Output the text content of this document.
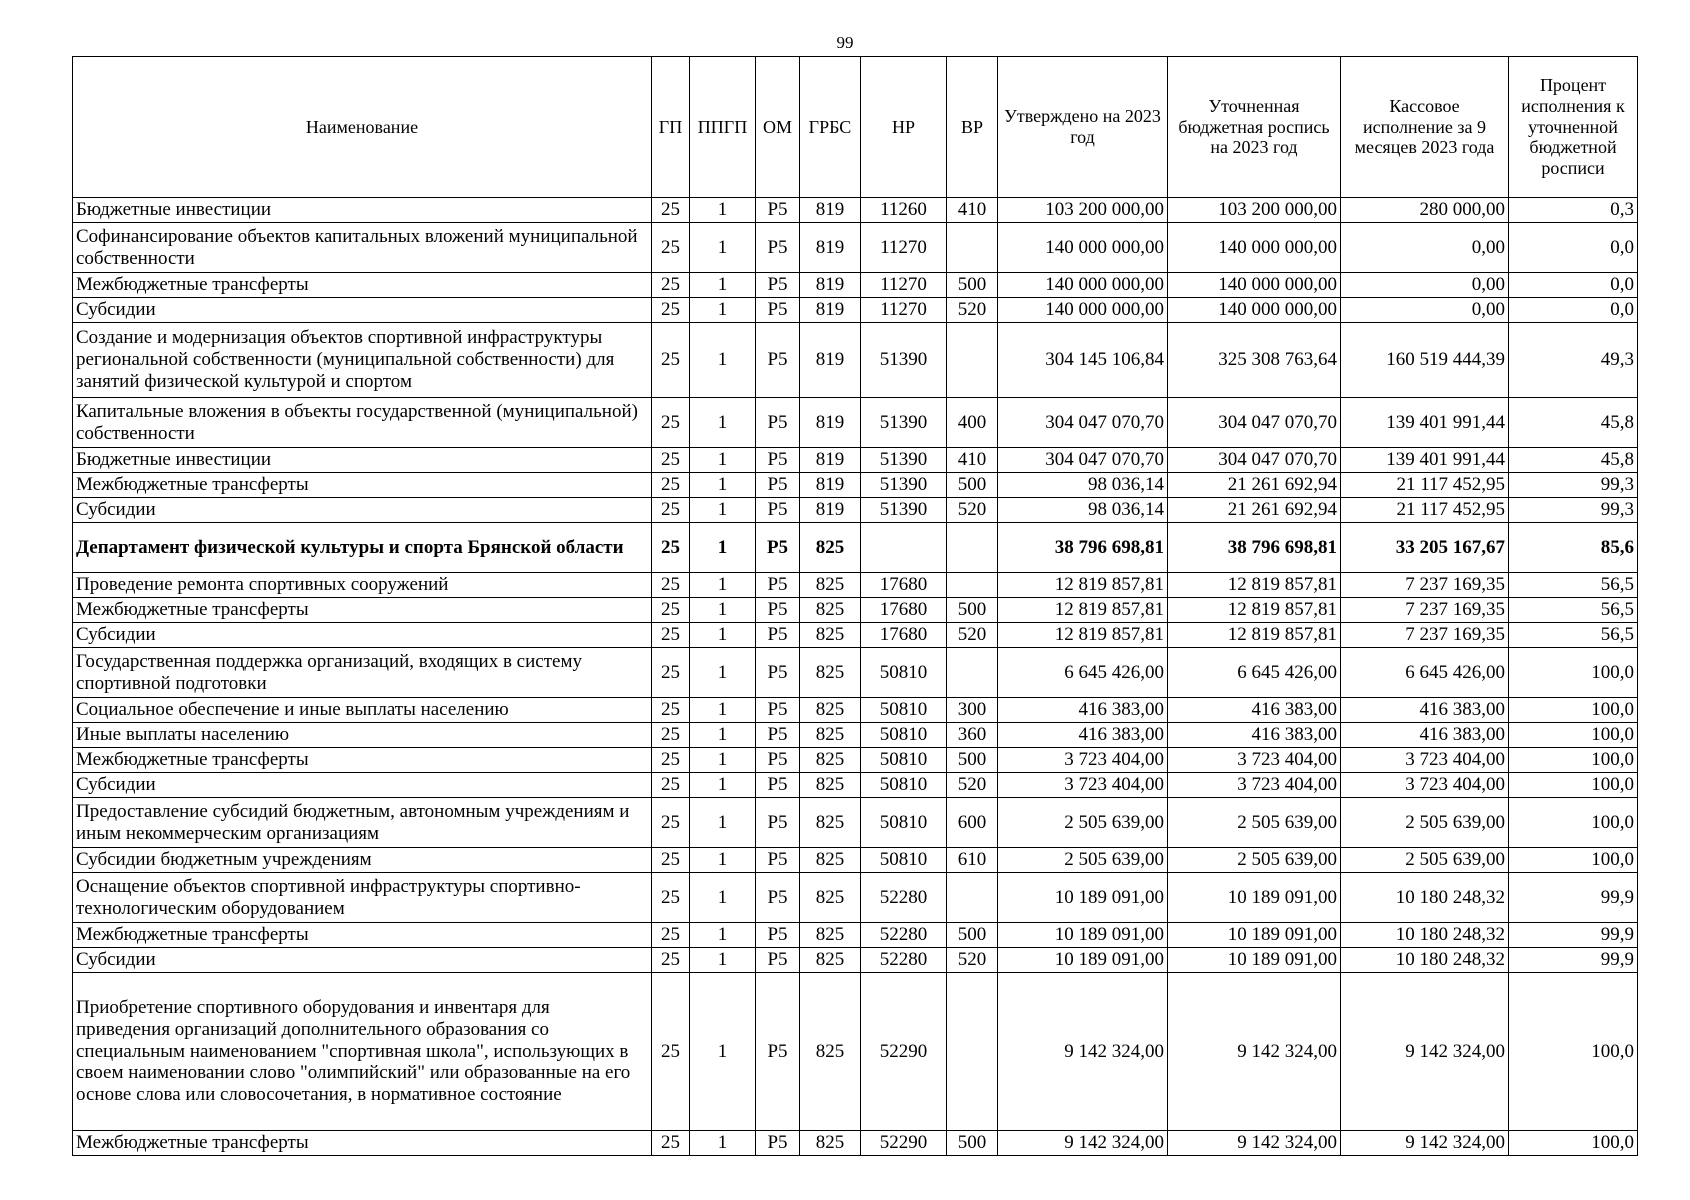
99
Наименование	ГП	ППГП	ОМ	ГРБС	НР	ВР	Утверждено на 2023 год	Уточненная бюджетная роспись на 2023 год	Кассовое исполнение за 9 месяцев 2023 года	Процент исполнения к уточненной бюджетной росписи
Бюджетные инвестиции	25	1	Р5	819	11260	410	103 200 000,00	103 200 000,00	280 000,00	0,3
Софинансирование объектов капитальных вложений муниципальной собственности	25	1	Р5	819	11270		140 000 000,00	140 000 000,00	0,00	0,0
Межбюджетные трансферты	25	1	Р5	819	11270	500	140 000 000,00	140 000 000,00	0,00	0,0
Субсидии	25	1	Р5	819	11270	520	140 000 000,00	140 000 000,00	0,00	0,0
Создание и модернизация объектов спортивной инфраструктуры региональной собственности (муниципальной собственности) для занятий физической культурой и спортом	25	1	Р5	819	51390		304 145 106,84	325 308 763,64	160 519 444,39	49,3
Капитальные вложения в объекты государственной (муниципальной) собственности	25	1	Р5	819	51390	400	304 047 070,70	304 047 070,70	139 401 991,44	45,8
Бюджетные инвестиции	25	1	Р5	819	51390	410	304 047 070,70	304 047 070,70	139 401 991,44	45,8
Межбюджетные трансферты	25	1	Р5	819	51390	500	98 036,14	21 261 692,94	21 117 452,95	99,3
Субсидии	25	1	Р5	819	51390	520	98 036,14	21 261 692,94	21 117 452,95	99,3
Департамент физической культуры и спорта Брянской области	25	1	Р5	825			38 796 698,81	38 796 698,81	33 205 167,67	85,6
Проведение ремонта спортивных сооружений	25	1	Р5	825	17680		12 819 857,81	12 819 857,81	7 237 169,35	56,5
Межбюджетные трансферты	25	1	Р5	825	17680	500	12 819 857,81	12 819 857,81	7 237 169,35	56,5
Субсидии	25	1	Р5	825	17680	520	12 819 857,81	12 819 857,81	7 237 169,35	56,5
Государственная поддержка организаций, входящих в систему спортивной подготовки	25	1	Р5	825	50810		6 645 426,00	6 645 426,00	6 645 426,00	100,0
Социальное обеспечение и иные выплаты населению	25	1	Р5	825	50810	300	416 383,00	416 383,00	416 383,00	100,0
Иные выплаты населению	25	1	Р5	825	50810	360	416 383,00	416 383,00	416 383,00	100,0
Межбюджетные трансферты	25	1	Р5	825	50810	500	3 723 404,00	3 723 404,00	3 723 404,00	100,0
Субсидии	25	1	Р5	825	50810	520	3 723 404,00	3 723 404,00	3 723 404,00	100,0
Предоставление субсидий бюджетным, автономным учреждениям и иным некоммерческим организациям	25	1	Р5	825	50810	600	2 505 639,00	2 505 639,00	2 505 639,00	100,0
Субсидии бюджетным учреждениям	25	1	Р5	825	50810	610	2 505 639,00	2 505 639,00	2 505 639,00	100,0
Оснащение объектов спортивной инфраструктуры спортивно-технологическим оборудованием	25	1	Р5	825	52280		10 189 091,00	10 189 091,00	10 180 248,32	99,9
Межбюджетные трансферты	25	1	Р5	825	52280	500	10 189 091,00	10 189 091,00	10 180 248,32	99,9
Субсидии	25	1	Р5	825	52280	520	10 189 091,00	10 189 091,00	10 180 248,32	99,9
Приобретение спортивного оборудования и инвентаря для приведения организаций дополнительного образования со специальным наименованием "спортивная школа", использующих в своем наименовании слово "олимпийский" или образованные на его основе слова или словосочетания, в нормативное состояние	25	1	Р5	825	52290		9 142 324,00	9 142 324,00	9 142 324,00	100,0
Межбюджетные трансферты	25	1	Р5	825	52290	500	9 142 324,00	9 142 324,00	9 142 324,00	100,0
